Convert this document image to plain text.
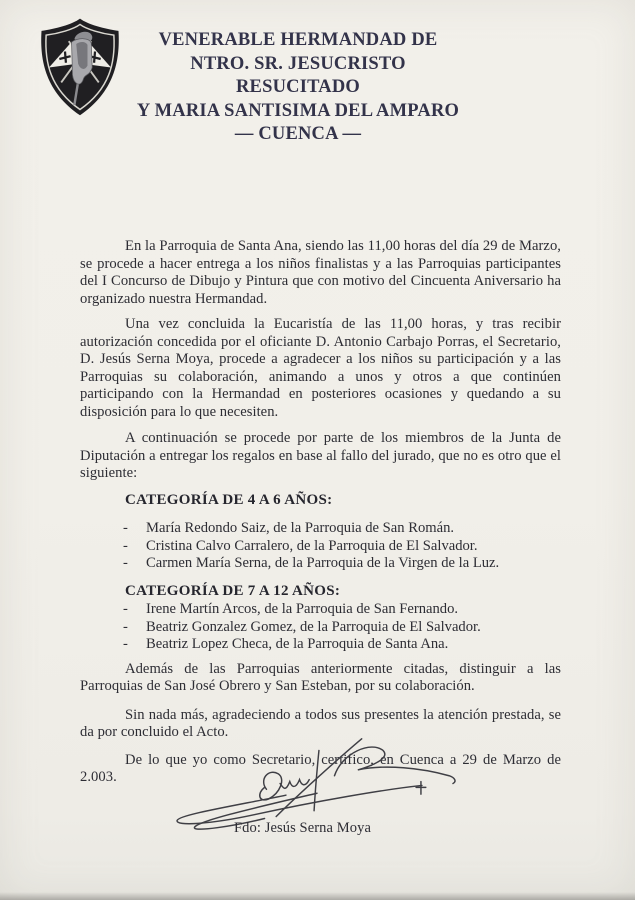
VENERABLE HERMANDAD DE
NTRO. SR. JESUCRISTO RESUCITADO
Y MARIA SANTISIMA DEL AMPARO
— CUENCA —

En la Parroquia de Santa Ana, siendo las 11,00 horas del día 29 de Marzo, se procede a hacer entrega a los niños finalistas y a las Parroquias participantes del I Concurso de Dibujo y Pintura que con motivo del Cincuenta Aniversario ha organizado nuestra Hermandad.

Una vez concluida la Eucaristía de las 11,00 horas, y tras recibir autorización concedida por el oficiante D. Antonio Carbajo Porras, el Secretario, D. Jesús Serna Moya, procede a agradecer a los niños su participación y a las Parroquias su colaboración, animando a unos y otros a que continúen participando con la Hermandad en posteriores ocasiones y quedando a su disposición para lo que necesiten.

A continuación se procede por parte de los miembros de la Junta de Diputación a entregar los regalos en base al fallo del jurado, que no es otro que el siguiente:

CATEGORÍA DE 4 A 6 AÑOS:

-	María Redondo Saiz, de la Parroquia de San Román.
-	Cristina Calvo Carralero, de la Parroquia de El Salvador.
-	Carmen María Serna, de la Parroquia de la Virgen de la Luz.

CATEGORÍA DE 7 A 12 AÑOS:

-	Irene Martín Arcos, de la Parroquia de San Fernando.
-	Beatriz Gonzalez Gomez, de la Parroquia de El Salvador.
-	Beatriz Lopez Checa, de la Parroquia de Santa Ana.

Además de las Parroquias anteriormente citadas, distinguir a las Parroquias de San José Obrero y San Esteban, por su colaboración.

Sin nada más, agradeciendo a todos sus presentes la atención prestada, se da por concluido el Acto.

De lo que yo como Secretario, certifico, en Cuenca a 29 de Marzo de 2.003.

Fdo: Jesús Serna Moya
